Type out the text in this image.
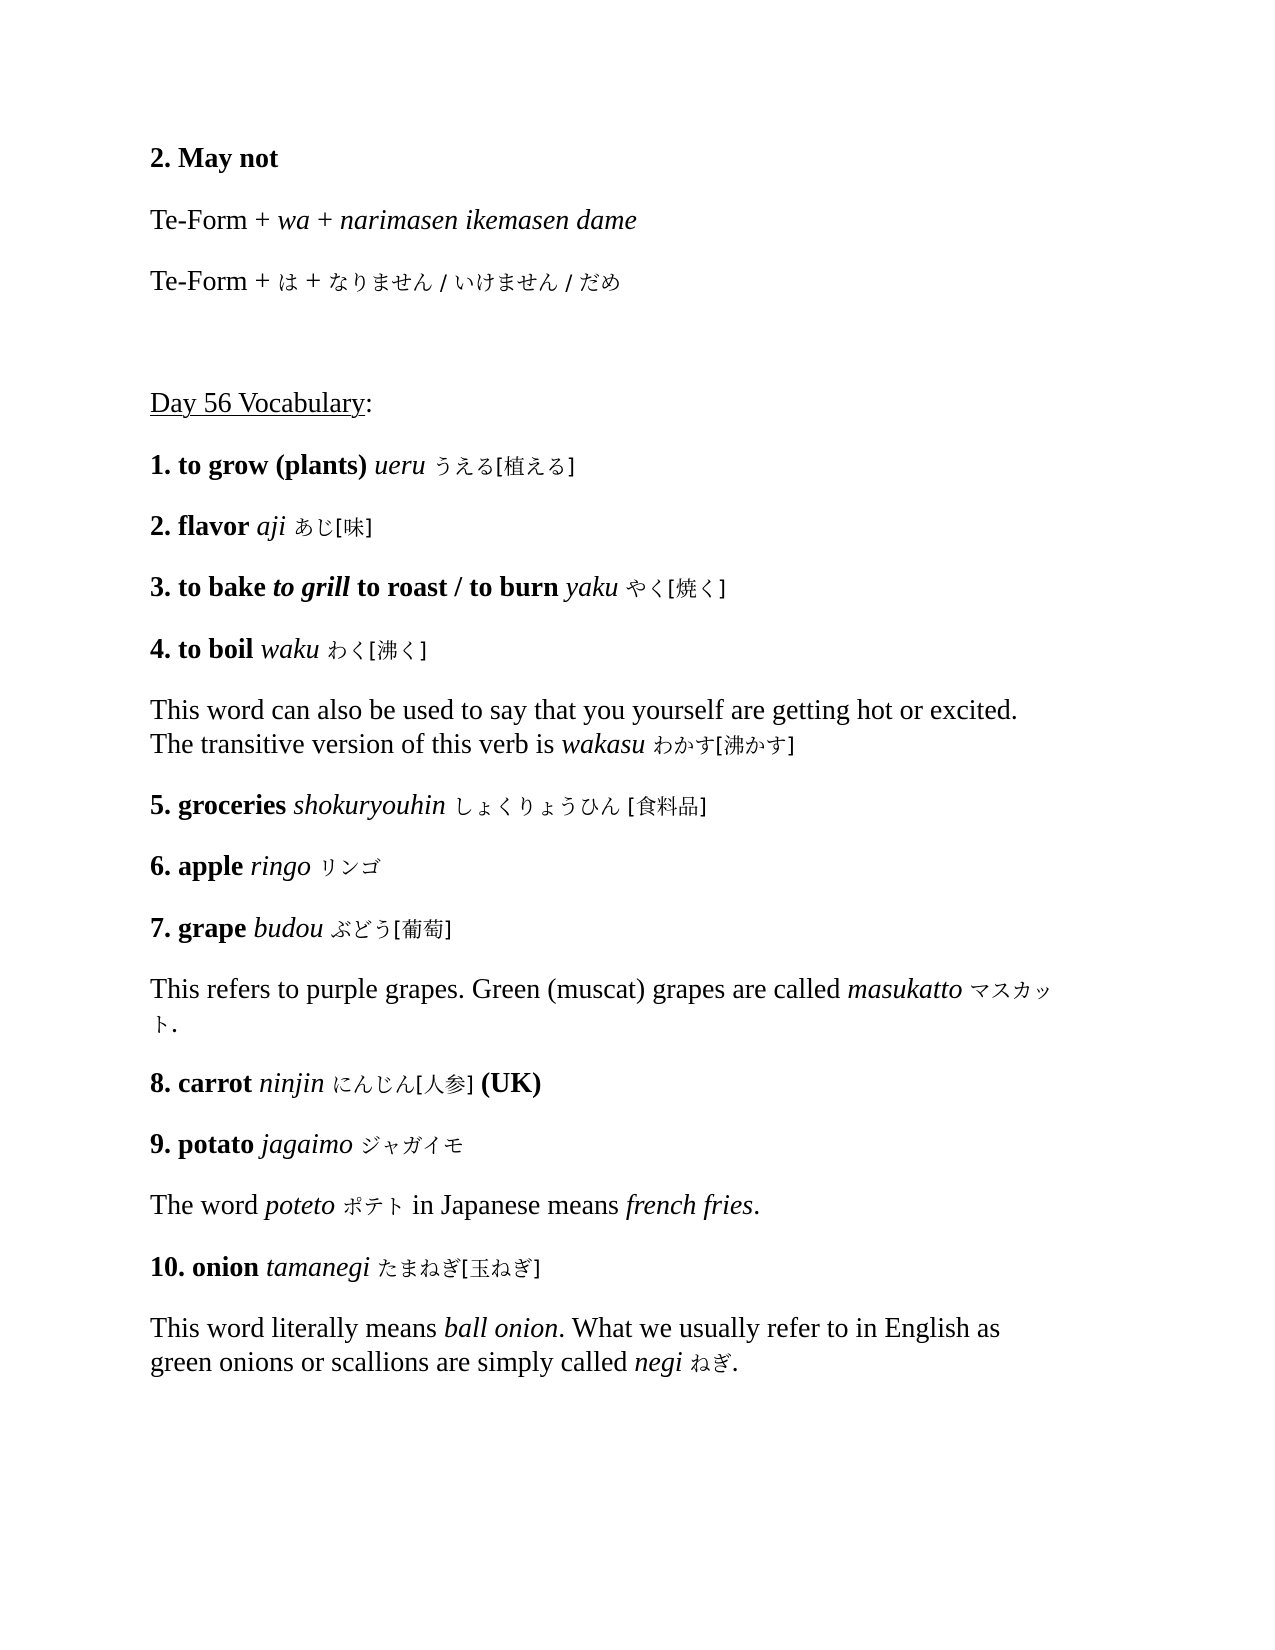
2. May not
Te-Form + wa + narimasen ikemasen dame
Te-Form + は + なりません / いけません / だめ
Day 56 Vocabulary:
1. to grow (plants) ueru うえる[植える]
2. flavor aji あじ[味]
3. to bake to grill to roast / to burn yaku やく[焼く]
4. to boil waku わく[沸く]
This word can also be used to say that you yourself are getting hot or excited.
The transitive version of this verb is wakasu わかす[沸かす]
5. groceries shokuryouhin しょくりょうひん [食料品]
6. apple ringo リンゴ
7. grape budou ぶどう[葡萄]
This refers to purple grapes. Green (muscat) grapes are called masukatto マスカッ
ト.
8. carrot ninjin にんじん[人参] (UK)
9. potato jagaimo ジャガイモ
The word poteto ポテト in Japanese means french fries.
10. onion tamanegi たまねぎ[玉ねぎ]
This word literally means ball onion. What we usually refer to in English as
green onions or scallions are simply called negi ねぎ.
